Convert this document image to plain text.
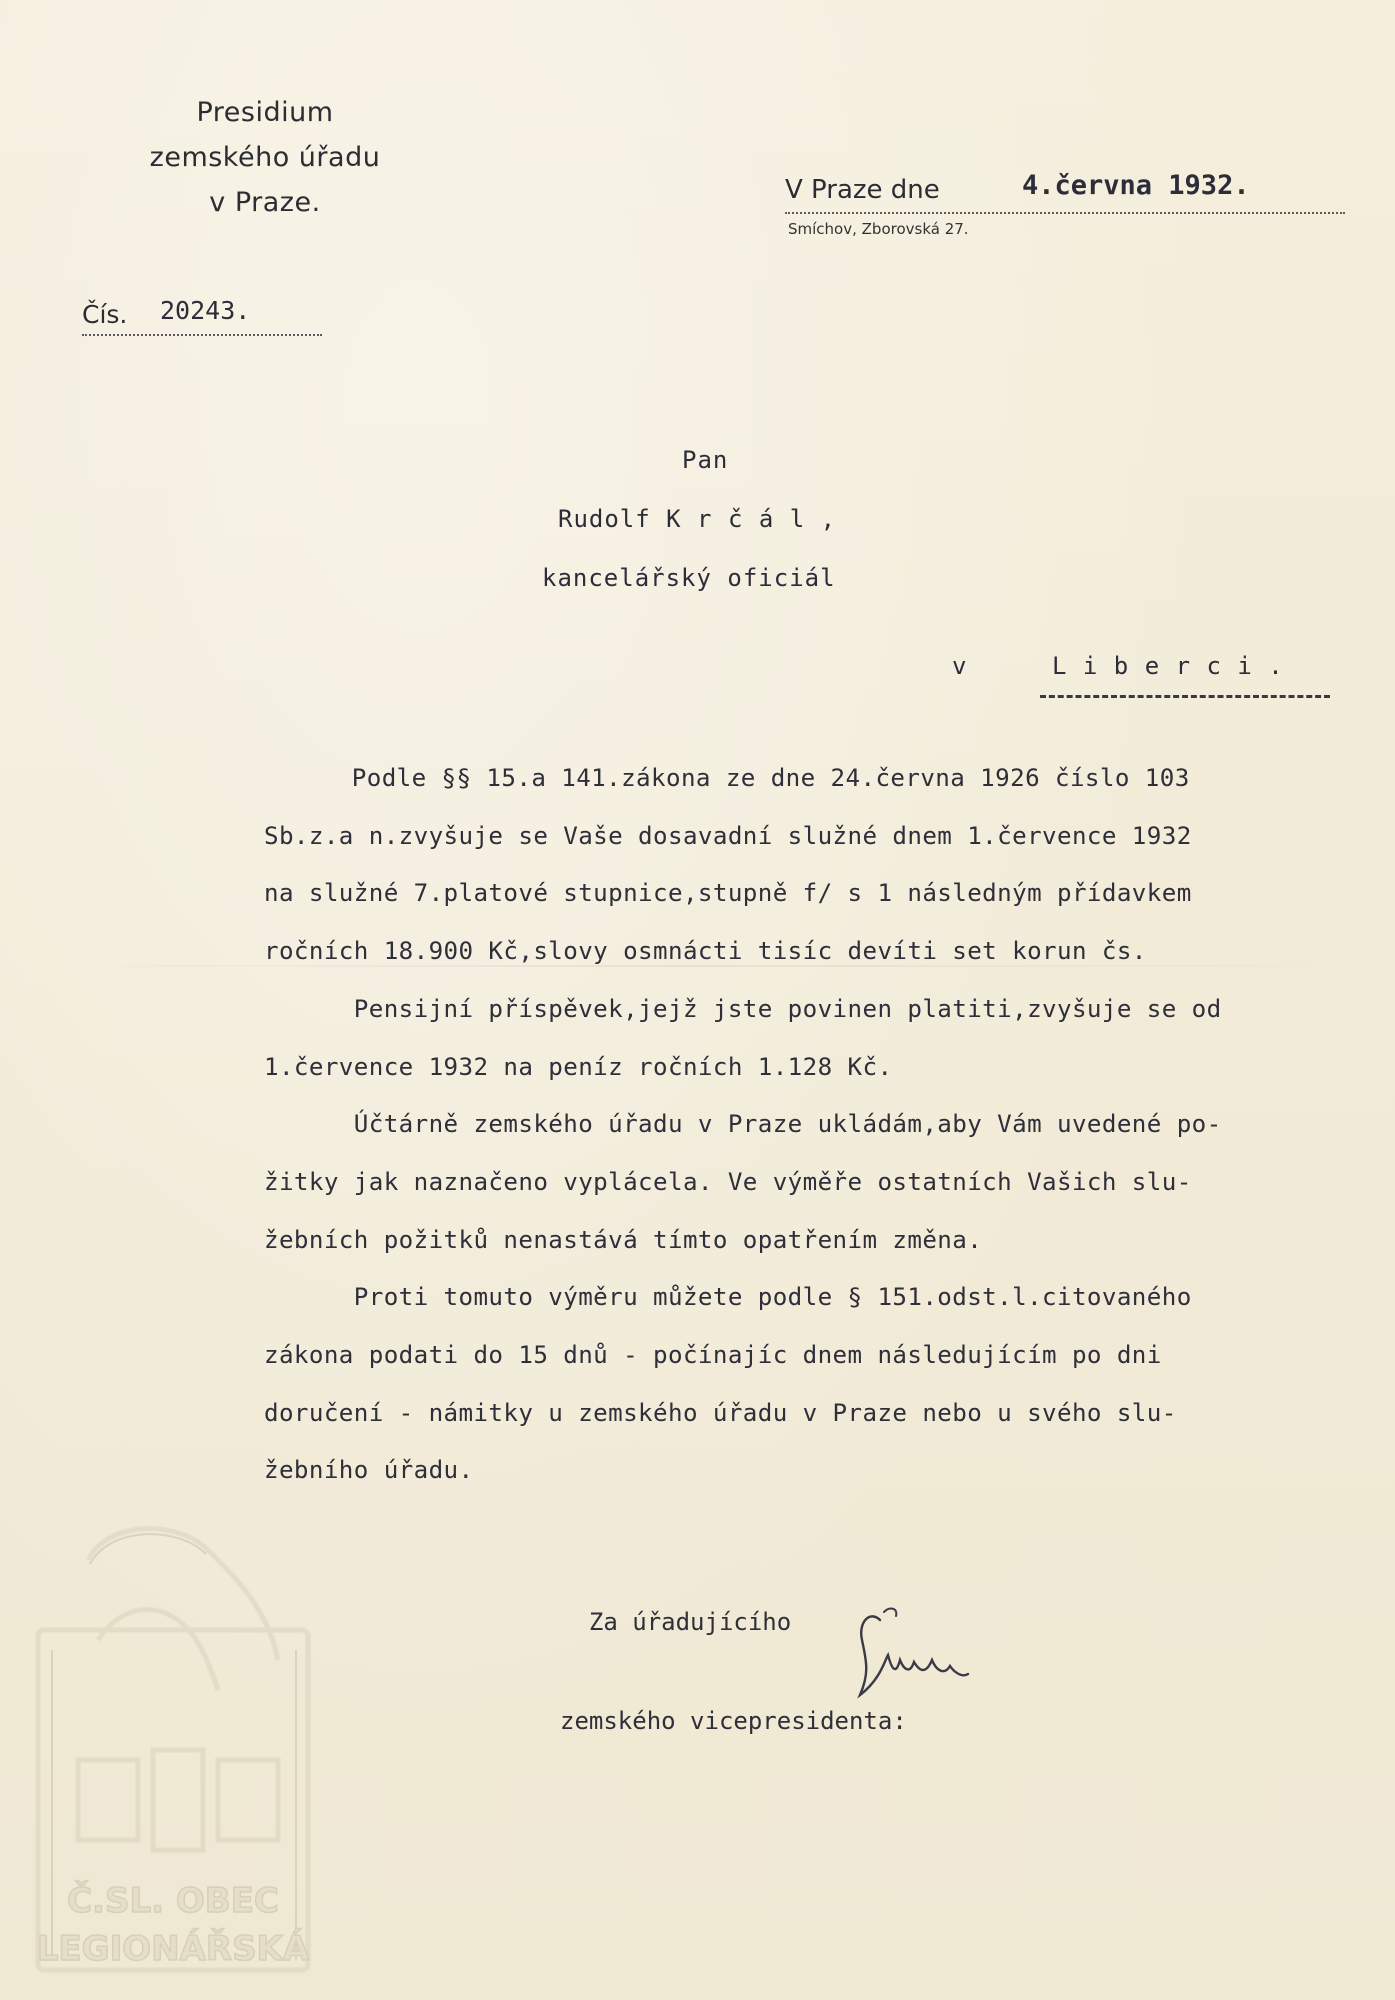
Presidium
zemského úřadu
v Praze.	V Praze dne	4.června 1932.
Smíchov, Zborovská 27.
Čís. 20243.
Pan
Rudolf K r č á l ,
kancelářský oficiál
v	L i b e r c i .
Podle §§ 15.a 141.zákona ze dne 24.června 1926 číslo 103
Sb.z.a n.zvyšuje se Vaše dosavadní služné dnem 1.července 1932
na služné 7.platové stupnice,stupně f/ s 1 následným přídavkem
ročních 18.900 Kč,slovy osmnácti tisíc devíti set korun čs.
Pensijní příspěvek,jejž jste povinen platiti,zvyšuje se od
1.července 1932 na peníz ročních 1.128 Kč.
Účtárně zemského úřadu v Praze ukládám,aby Vám uvedené po-
žitky jak naznačeno vyplácela. Ve výměře ostatních Vašich slu-
žebních požitků nenastává tímto opatřením změna.
Proti tomuto výměru můžete podle § 151.odst.l.citovaného
zákona podati do 15 dnů - počínajíc dnem následujícím po dni
doručení - námitky u zemského úřadu v Praze nebo u svého slu-
žebního úřadu.

Za úřadujícího

zemského vicepresidenta:

Č.SL. OBEC
LEGIONÁŘSKÁ
